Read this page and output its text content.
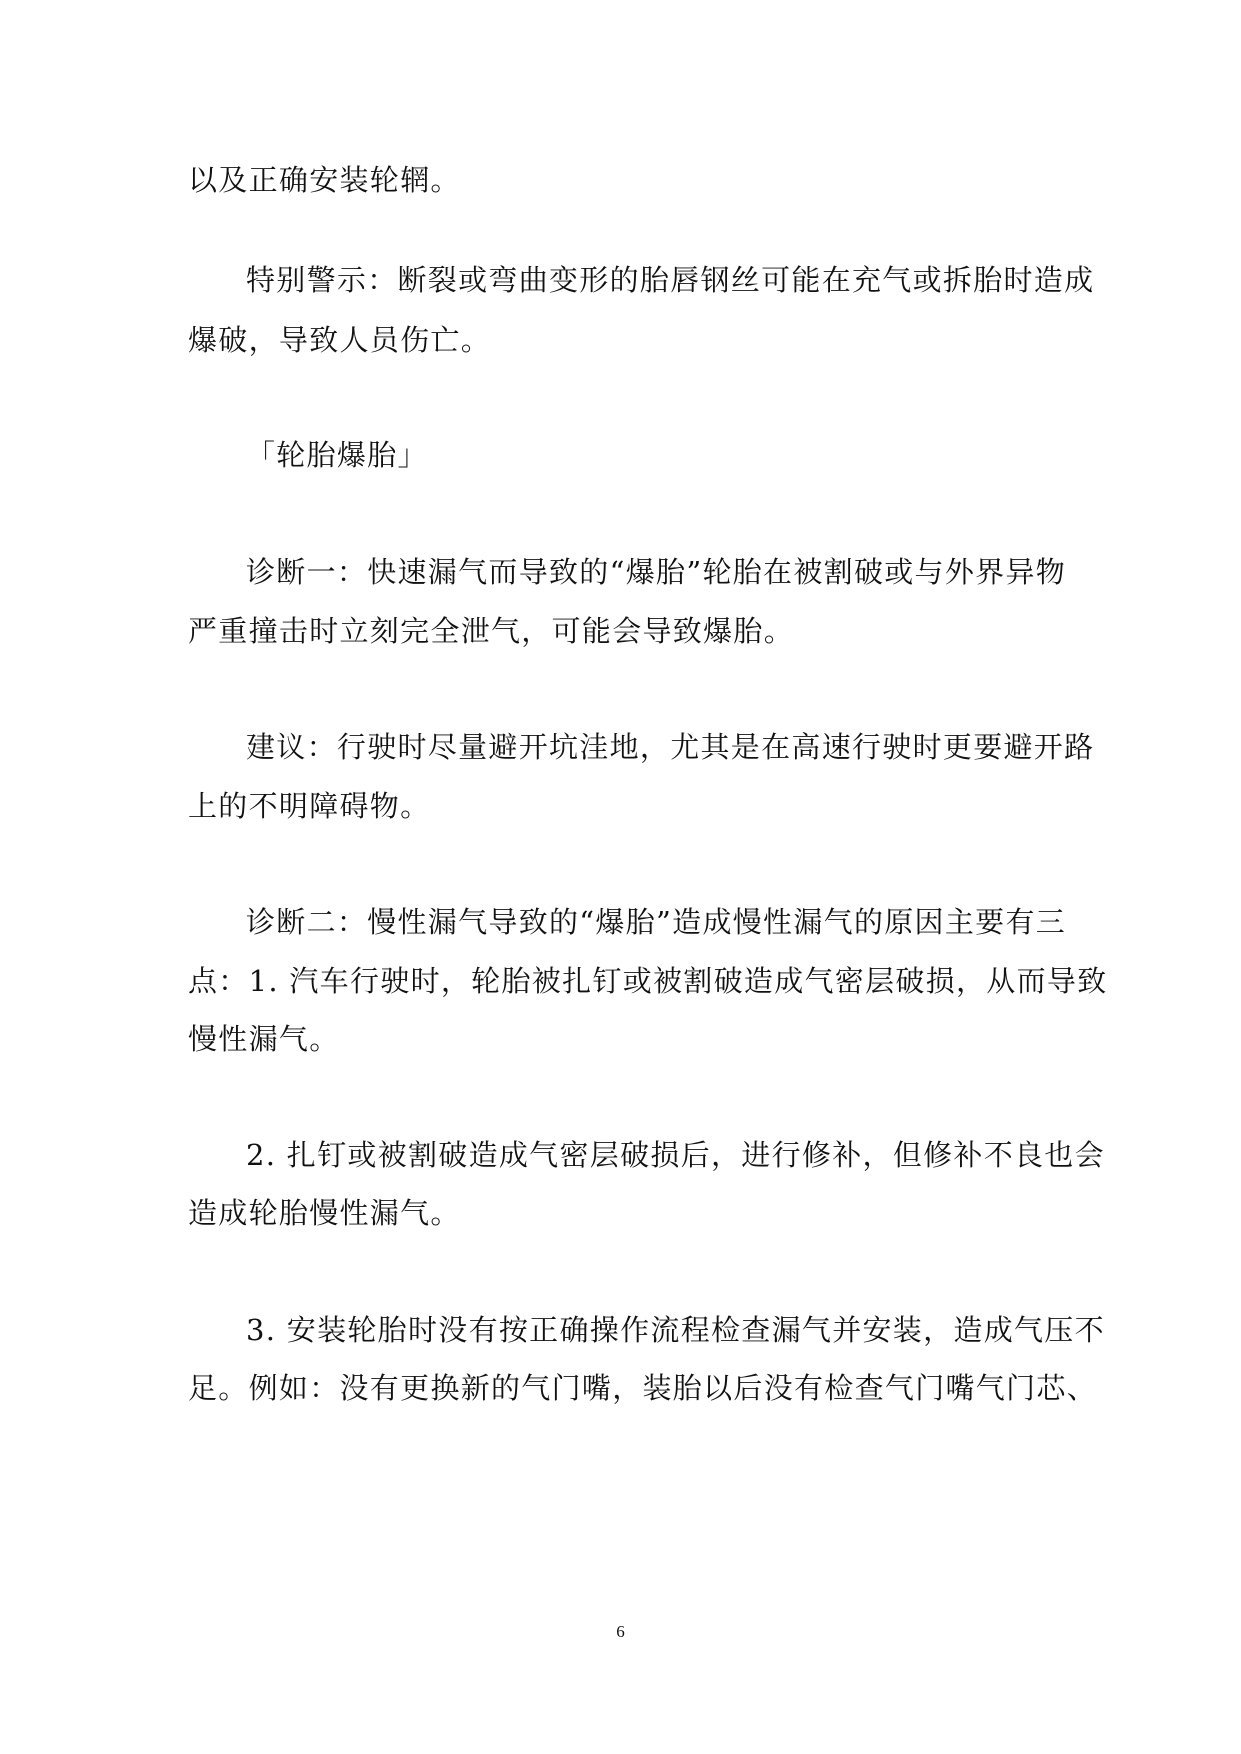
以及正确安装轮辋。
特别警示：断裂或弯曲变形的胎唇钢丝可能在充气或拆胎时造成
爆破，导致人员伤亡。
「轮胎爆胎」
诊断一：快速漏气而导致的“爆胎”轮胎在被割破或与外界异物
严重撞击时立刻完全泄气，可能会导致爆胎。
建议：行驶时尽量避开坑洼地，尤其是在高速行驶时更要避开路
上的不明障碍物。
诊断二：慢性漏气导致的“爆胎”造成慢性漏气的原因主要有三
点：1. 汽车行驶时，轮胎被扎钉或被割破造成气密层破损，从而导致
慢性漏气。
2. 扎钉或被割破造成气密层破损后，进行修补，但修补不良也会
造成轮胎慢性漏气。
3. 安装轮胎时没有按正确操作流程检查漏气并安装，造成气压不
足。例如：没有更换新的气门嘴，装胎以后没有检查气门嘴气门芯、
6
